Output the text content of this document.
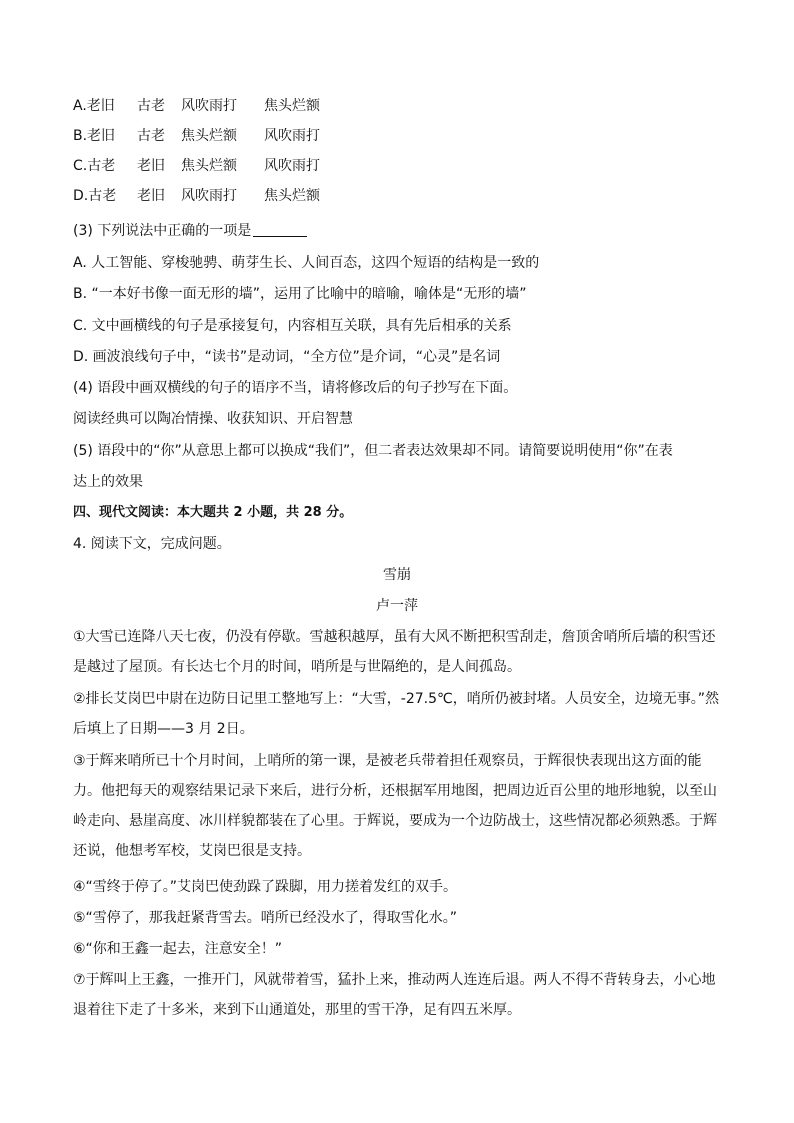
A.老旧 古老 风吹雨打 焦头烂额
B.老旧 古老 焦头烂额 风吹雨打
C.古老 老旧 焦头烂额 风吹雨打
D.古老 老旧 风吹雨打 焦头烂额
(3) 下列说法中正确的一项是
A. 人工智能、穿梭驰骋、萌芽生长、人间百态，这四个短语的结构是一致的
B. “一本好书像一面无形的墙”，运用了比喻中的暗喻，喻体是“无形的墙”
C. 文中画横线的句子是承接复句，内容相互关联，具有先后相承的关系
D. 画波浪线句子中，“读书”是动词，“全方位”是介词，“心灵”是名词
(4) 语段中画双横线的句子的语序不当，请将修改后的句子抄写在下面。
阅读经典可以陶冶情操、收获知识、开启智慧
(5) 语段中的“你”从意思上都可以换成“我们”，但二者表达效果却不同。请简要说明使用“你”在表
达上的效果
四、现代文阅读：本大题共 2 小题，共 28 分。
4. 阅读下文，完成问题。
雪崩
卢一萍
①大雪已连降八天七夜，仍没有停歇。雪越积越厚，虽有大风不断把积雪刮走，詹顶舍哨所后墙的积雪还是越过了屋顶。有长达七个月的时间，哨所是与世隔绝的，是人间孤岛。
②排长艾岗巴中尉在边防日记里工整地写上：“大雪，-27.5℃，哨所仍被封堵。人员安全，边境无事。”然后填上了日期——3 月 2日。
③于辉来哨所已十个月时间，上哨所的第一课，是被老兵带着担任观察员，于辉很快表现出这方面的能力。他把每天的观察结果记录下来后，进行分析，还根据军用地图，把周边近百公里的地形地貌，以至山岭走向、悬崖高度、冰川样貌都装在了心里。于辉说，要成为一个边防战士，这些情况都必须熟悉。于辉还说，他想考军校，艾岗巴很是支持。
④“雪终于停了。”艾岗巴使劲跺了跺脚，用力搓着发红的双手。
⑤“雪停了，那我赶紧背雪去。哨所已经没水了，得取雪化水。”
⑥“你和王鑫一起去，注意安全！”
⑦于辉叫上王鑫，一推开门，风就带着雪，猛扑上来，推动两人连连后退。两人不得不背转身去，小心地退着往下走了十多米，来到下山通道处，那里的雪干净，足有四五米厚。
